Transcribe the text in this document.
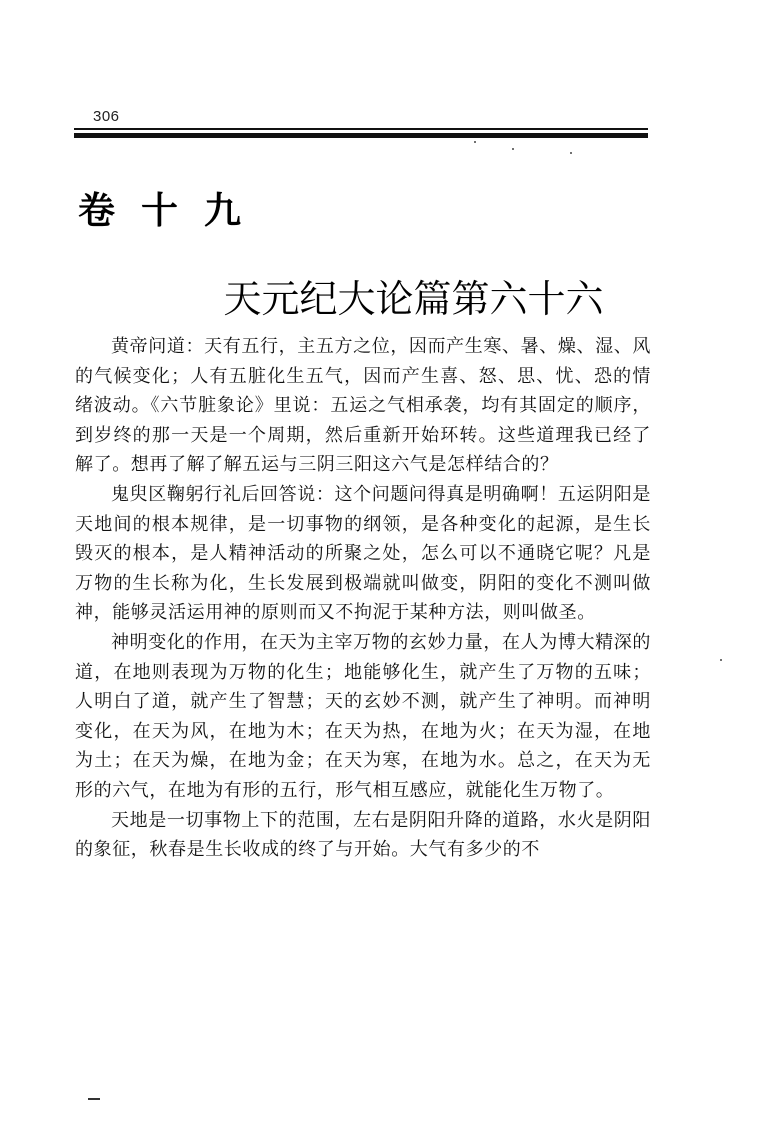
306
卷十九
天元纪大论篇第六十六

黄帝问道：天有五行，主五方之位，因而产生寒、暑、燥、湿、风的气候变化；人有五脏化生五气，因而产生喜、怒、思、忧、恐的情绪波动。《六节脏象论》里说：五运之气相承袭，均有其固定的顺序，到岁终的那一天是一个周期，然后重新开始环转。这些道理我已经了解了。想再了解了解五运与三阴三阳这六气是怎样结合的？

鬼臾区鞠躬行礼后回答说：这个问题问得真是明确啊！五运阴阳是天地间的根本规律，是一切事物的纲领，是各种变化的起源，是生长毁灭的根本，是人精神活动的所聚之处，怎么可以不通晓它呢？凡是万物的生长称为化，生长发展到极端就叫做变，阴阳的变化不测叫做神，能够灵活运用神的原则而又不拘泥于某种方法，则叫做圣。

神明变化的作用，在天为主宰万物的玄妙力量，在人为博大精深的道，在地则表现为万物的化生；地能够化生，就产生了万物的五味；人明白了道，就产生了智慧；天的玄妙不测，就产生了神明。而神明变化，在天为风，在地为木；在天为热，在地为火；在天为湿，在地为土；在天为燥，在地为金；在天为寒，在地为水。总之，在天为无形的六气，在地为有形的五行，形气相互感应，就能化生万物了。

天地是一切事物上下的范围，左右是阴阳升降的道路，水火是阴阳的象征，秋春是生长收成的终了与开始。大气有多少的不
